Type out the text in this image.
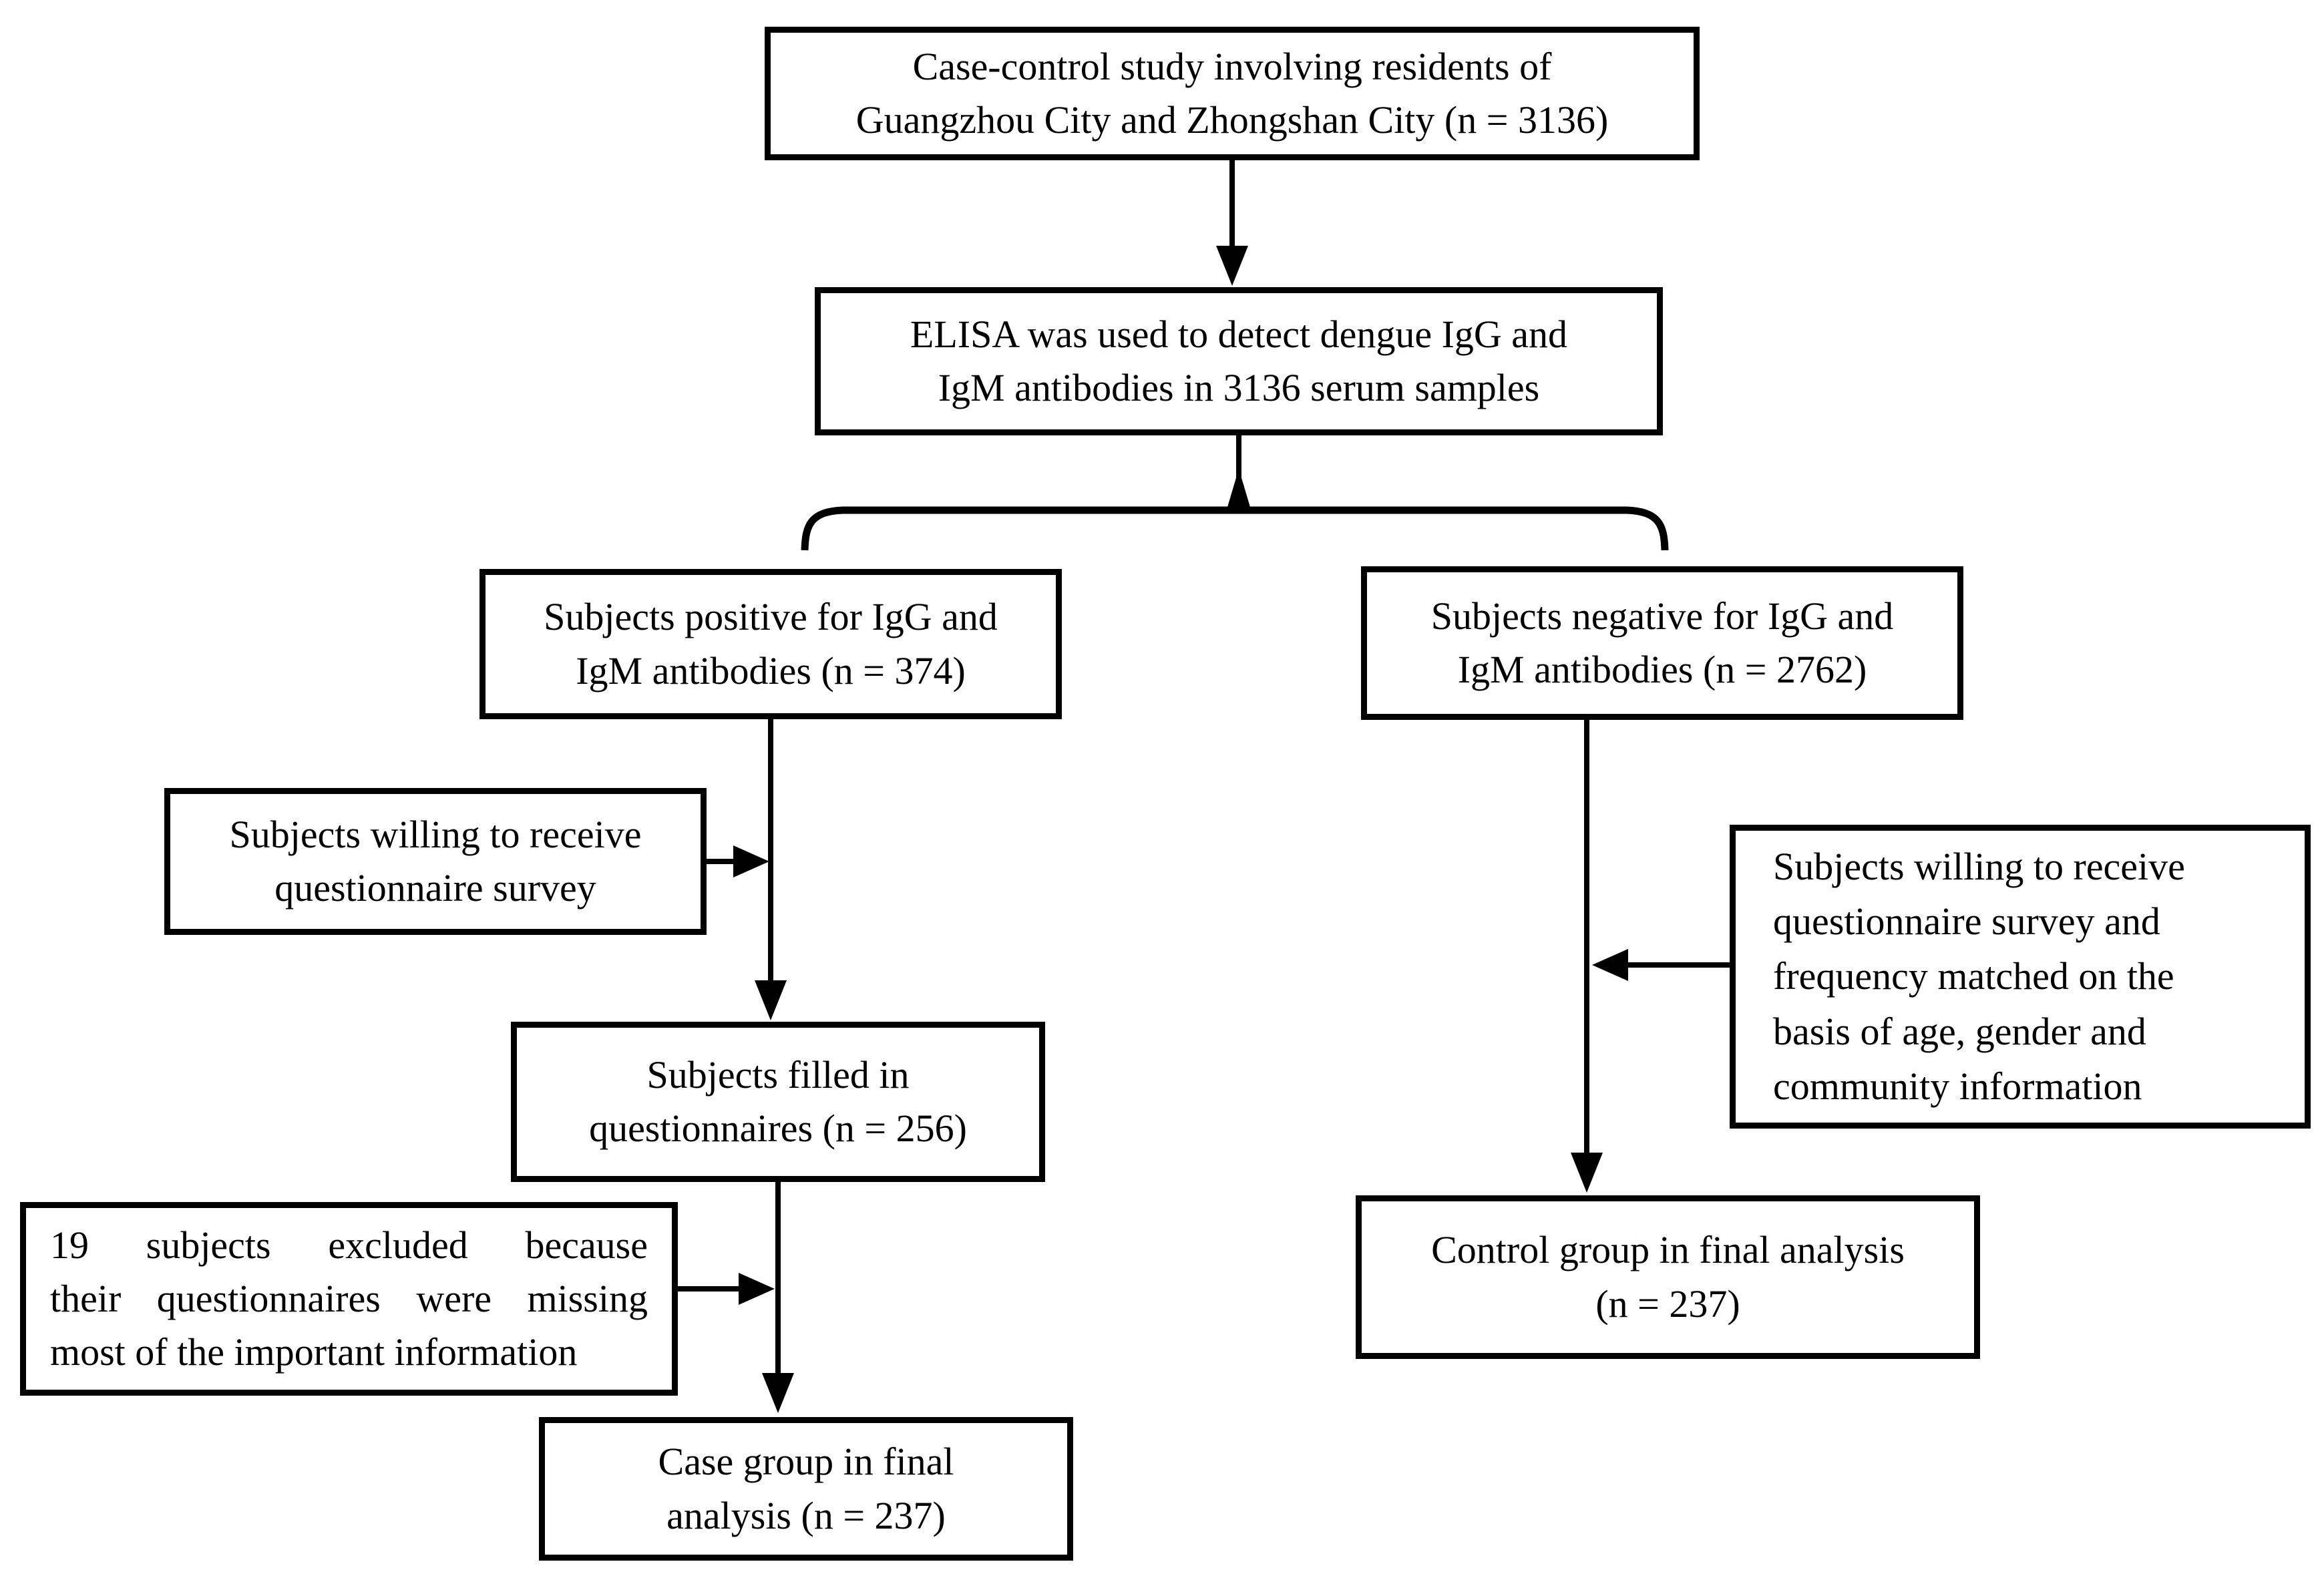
Case-control study involving residents of
Guangzhou City and Zhongshan City (n = 3136)
ELISA was used to detect dengue IgG and
IgM antibodies in 3136 serum samples
Subjects positive for IgG and
IgM antibodies (n = 374)
Subjects negative for IgG and
IgM antibodies (n = 2762)
Subjects willing to receive
questionnaire survey
Subjects filled in
questionnaires (n = 256)
19 subjects excluded because
their questionnaires were missing
most of the important information
Case group in final
analysis (n = 237)
Subjects willing to receive
questionnaire survey and
frequency matched on the
basis of age, gender and
community information
Control group in final analysis
(n = 237)
